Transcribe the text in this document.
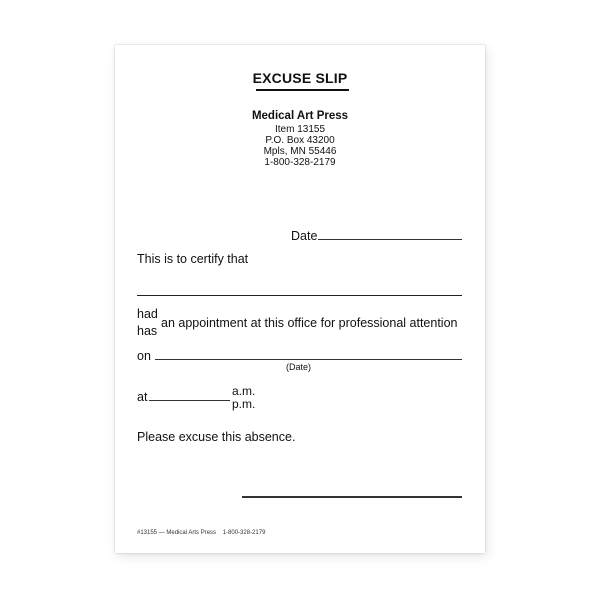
EXCUSE SLIP
Medical Art Press
Item 13155
P.O. Box 43200
Mpls, MN 55446
1-800-328-2179
Date
This is to certify that
had
has
an appointment at this office for professional attention
on
(Date)
at	a.m.
p.m.
Please excuse this absence.
#13155 — Medical Arts Press    1-800-328-2179
